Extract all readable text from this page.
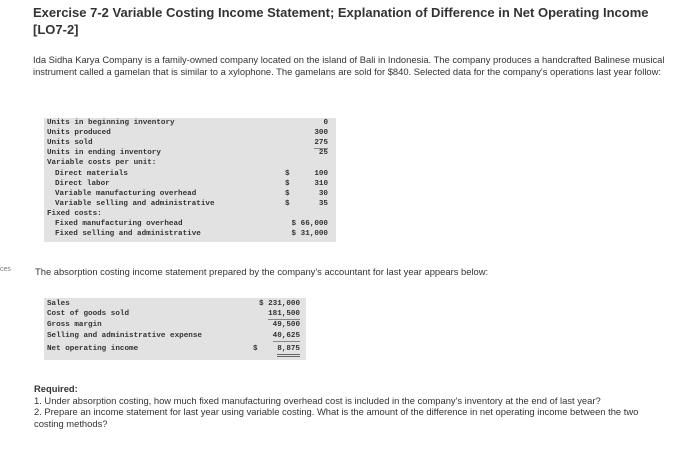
ces
Exercise 7-2 Variable Costing Income Statement; Explanation of Difference in Net Operating Income [LO7-2]
Ida Sidha Karya Company is a family-owned company located on the island of Bali in Indonesia. The company produces a handcrafted Balinese musical instrument called a gamelan that is similar to a xylophone. The gamelans are sold for $840. Selected data for the company's operations last year follow:
Units in beginning inventory	0
Units produced	300
Units sold	275
Units in ending inventory	25
Variable costs per unit:
Direct materials	$	100
Direct labor	$	310
Variable manufacturing overhead	$	30
Variable selling and administrative	$	35
Fixed costs:
Fixed manufacturing overhead	$ 66,000
Fixed selling and administrative	$ 31,000
The absorption costing income statement prepared by the company's accountant for last year appears below:
Sales	$ 231,000
Cost of goods sold	181,500
Gross margin	49,500
Selling and administrative expense	40,625
Net operating income	$	8,875
Required:
1. Under absorption costing, how much fixed manufacturing overhead cost is included in the company's inventory at the end of last year?
2. Prepare an income statement for last year using variable costing. What is the amount of the difference in net operating income between the two costing methods?
